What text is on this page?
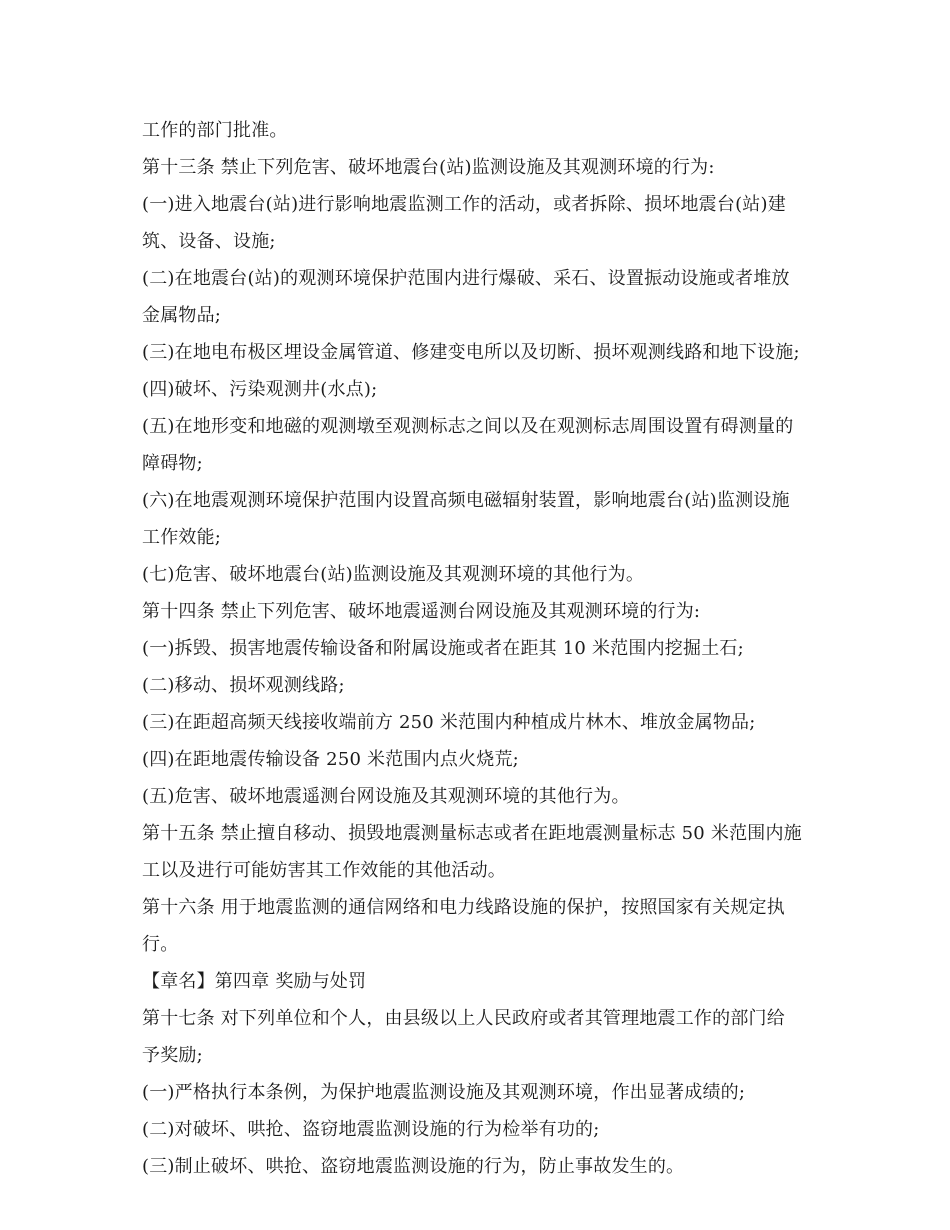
工作的部门批准。
第十三条 禁止下列危害、破坏地震台(站)监测设施及其观测环境的行为:
(一)进入地震台(站)进行影响地震监测工作的活动，或者拆除、损坏地震台(站)建
筑、设备、设施;
(二)在地震台(站)的观测环境保护范围内进行爆破、采石、设置振动设施或者堆放
金属物品;
(三)在地电布极区埋设金属管道、修建变电所以及切断、损坏观测线路和地下设施;
(四)破坏、污染观测井(水点);
(五)在地形变和地磁的观测墩至观测标志之间以及在观测标志周围设置有碍测量的
障碍物;
(六)在地震观测环境保护范围内设置高频电磁辐射装置，影响地震台(站)监测设施
工作效能;
(七)危害、破坏地震台(站)监测设施及其观测环境的其他行为。
第十四条 禁止下列危害、破坏地震遥测台网设施及其观测环境的行为:
(一)拆毁、损害地震传输设备和附属设施或者在距其 10 米范围内挖掘土石;
(二)移动、损坏观测线路;
(三)在距超高频天线接收端前方 250 米范围内种植成片林木、堆放金属物品;
(四)在距地震传输设备 250 米范围内点火烧荒;
(五)危害、破坏地震遥测台网设施及其观测环境的其他行为。
第十五条 禁止擅自移动、损毁地震测量标志或者在距地震测量标志 50 米范围内施
工以及进行可能妨害其工作效能的其他活动。
第十六条 用于地震监测的通信网络和电力线路设施的保护，按照国家有关规定执
行。
【章名】第四章 奖励与处罚
第十七条 对下列单位和个人，由县级以上人民政府或者其管理地震工作的部门给
予奖励;
(一)严格执行本条例，为保护地震监测设施及其观测环境，作出显著成绩的;
(二)对破坏、哄抢、盗窃地震监测设施的行为检举有功的;
(三)制止破坏、哄抢、盗窃地震监测设施的行为，防止事故发生的。
